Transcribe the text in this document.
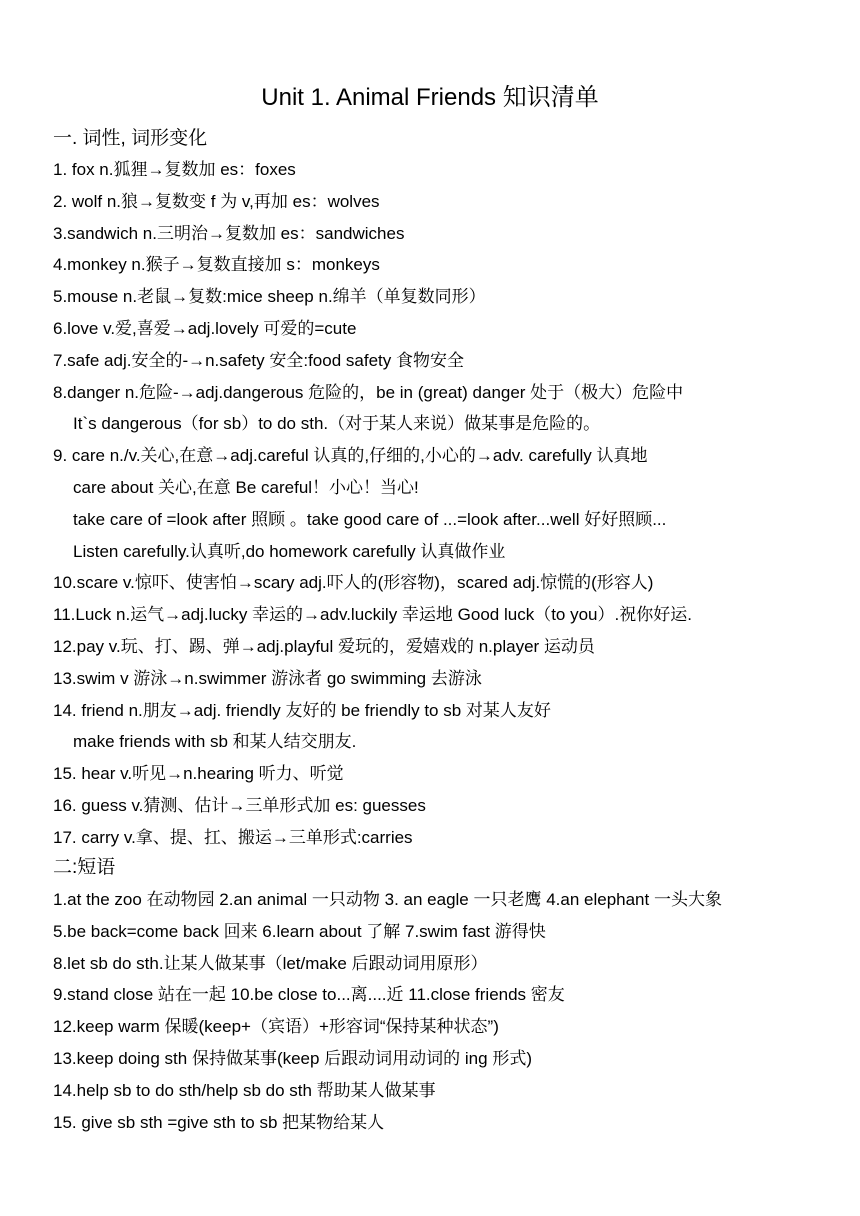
Unit 1. Animal Friends 知识清单
一. 词性, 词形变化
1. fox n.狐狸→复数加 es：foxes
2. wolf n.狼→复数变 f 为 v,再加 es：wolves
3.sandwich n.三明治→复数加 es：sandwiches
4.monkey n.猴子→复数直接加 s：monkeys
5.mouse n.老鼠→复数:mice sheep n.绵羊（单复数同形）
6.love v.爱,喜爱→adj.lovely 可爱的=cute
7.safe adj.安全的-→n.safety 安全:food safety 食物安全
8.danger n.危险-→adj.dangerous 危险的，be in (great) danger 处于（极大）危险中
It`s dangerous（for sb）to do sth.（对于某人来说）做某事是危险的。
9. care n./v.关心,在意→adj.careful 认真的,仔细的,小心的→adv. carefully 认真地
care about 关心,在意 Be careful！小心！当心!
take care of =look after 照顾 。take good care of ...=look after...well 好好照顾...
Listen carefully.认真听,do homework carefully 认真做作业
10.scare v.惊吓、使害怕→scary adj.吓人的(形容物)，scared adj.惊慌的(形容人)
11.Luck n.运气→adj.lucky 幸运的→adv.luckily 幸运地 Good luck（to you）.祝你好运.
12.pay v.玩、打、踢、弹→adj.playful 爱玩的，爱嬉戏的 n.player 运动员
13.swim v 游泳→n.swimmer 游泳者 go swimming 去游泳
14. friend n.朋友→adj. friendly 友好的 be friendly to sb 对某人友好
make friends with sb 和某人结交朋友.
15. hear v.听见→n.hearing 听力、听觉
16. guess v.猜测、估计→三单形式加 es: guesses
17. carry v.拿、提、扛、搬运→三单形式:carries
二:短语
1.at the zoo 在动物园 2.an animal 一只动物 3. an eagle 一只老鹰 4.an elephant 一头大象
5.be back=come back 回来 6.learn about 了解 7.swim fast 游得快
8.let sb do sth.让某人做某事（let/make 后跟动词用原形）
9.stand close 站在一起 10.be close to...离....近 11.close friends 密友
12.keep warm 保暖(keep+（宾语）+形容词“保持某种状态”)
13.keep doing sth 保持做某事(keep 后跟动词用动词的 ing 形式)
14.help sb to do sth/help sb do sth 帮助某人做某事
15. give sb sth =give sth to sb 把某物给某人
